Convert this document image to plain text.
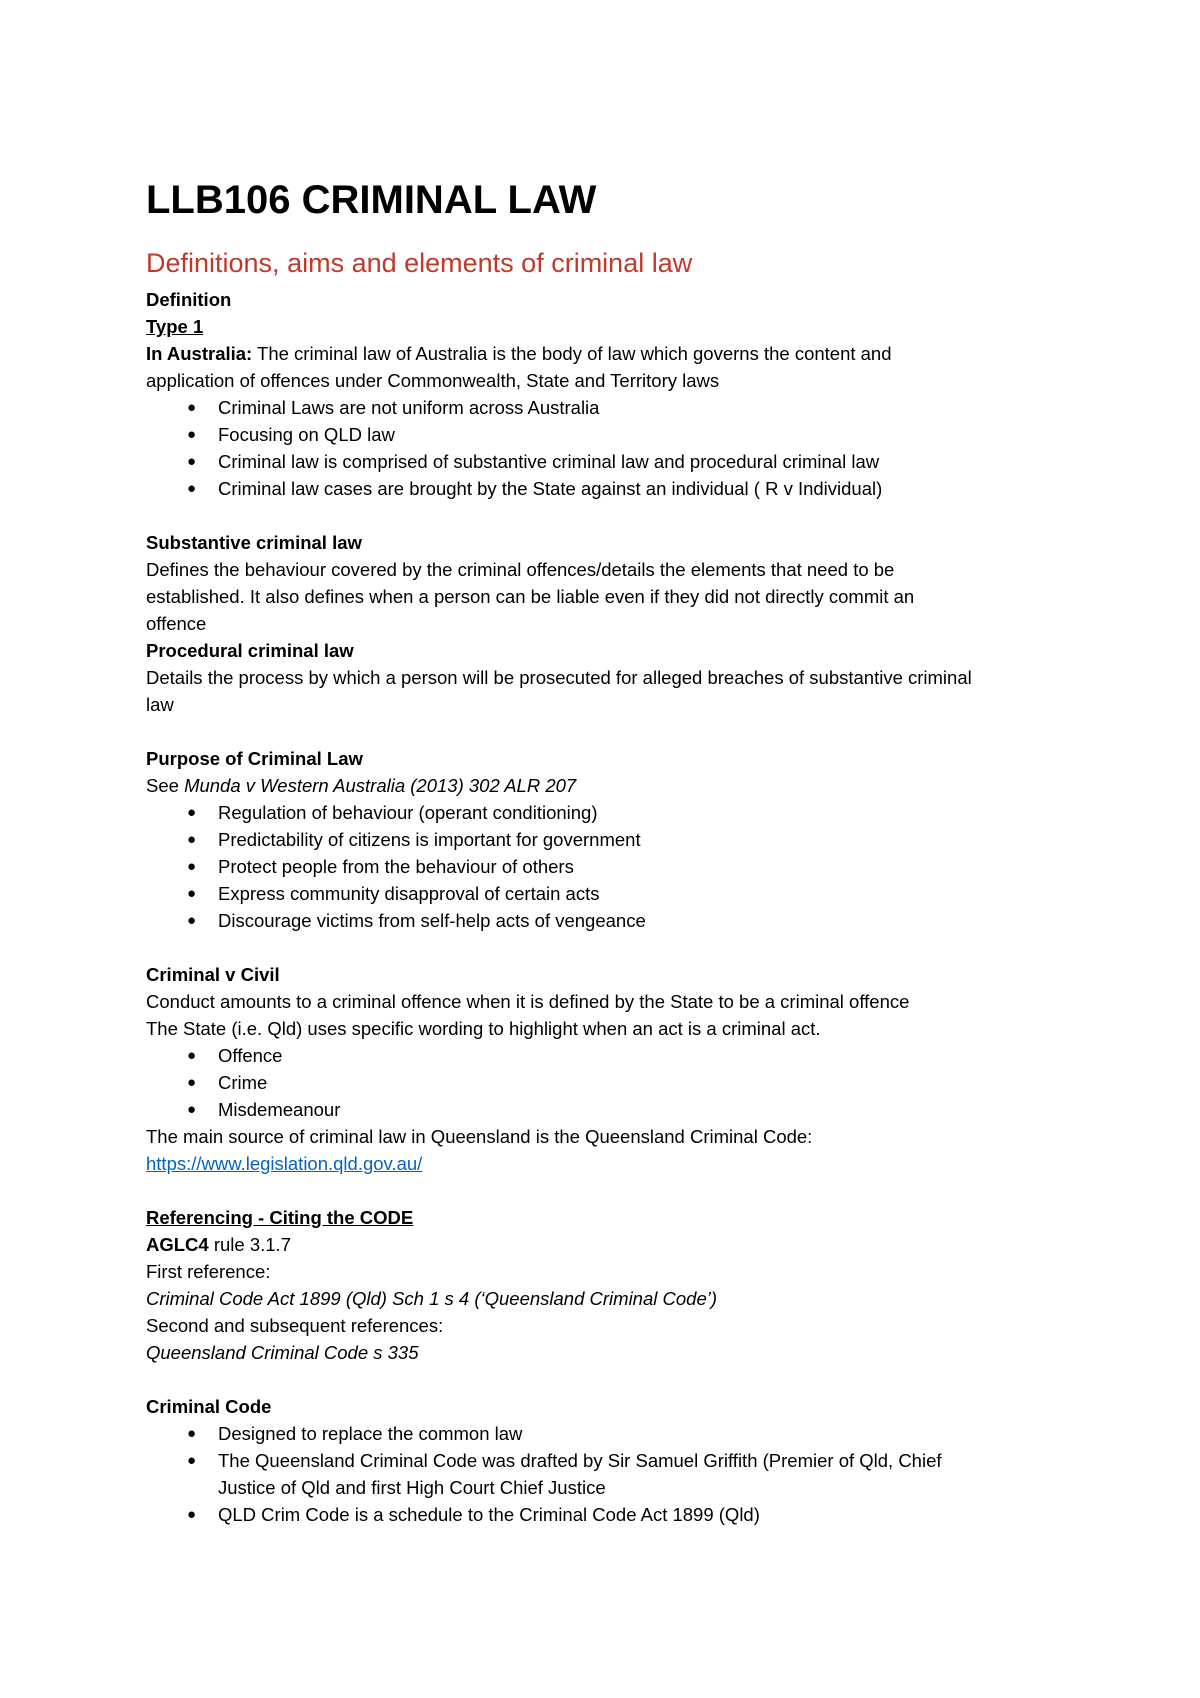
LLB106 CRIMINAL LAW
Definitions, aims and elements of criminal law

Definition

Type 1

In Australia: The criminal law of Australia is the body of law which governs the content and

application of offences under Commonwealth, State and Territory laws

● Criminal Laws are not uniform across Australia
● Focusing on QLD law
● Criminal law is comprised of substantive criminal law and procedural criminal law
● Criminal law cases are brought by the State against an individual ( R v Individual)

Substantive criminal law

Defines the behaviour covered by the criminal offences/details the elements that need to be

established. It also defines when a person can be liable even if they did not directly commit an

offence

Procedural criminal law

Details the process by which a person will be prosecuted for alleged breaches of substantive criminal

law

Purpose of Criminal Law

See Munda v Western Australia (2013) 302 ALR 207

● Regulation of behaviour (operant conditioning)
● Predictability of citizens is important for government
● Protect people from the behaviour of others
● Express community disapproval of certain acts
● Discourage victims from self-help acts of vengeance

Criminal v Civil

Conduct amounts to a criminal offence when it is defined by the State to be a criminal offence

The State (i.e. Qld) uses specific wording to highlight when an act is a criminal act.

● Offence
● Crime
● Misdemeanour

The main source of criminal law in Queensland is the Queensland Criminal Code:

https://www.legislation.qld.gov.au/

Referencing - Citing the CODE

AGLC4 rule 3.1.7

First reference:

Criminal Code Act 1899 (Qld) Sch 1 s 4 (‘Queensland Criminal Code’)

Second and subsequent references:

Queensland Criminal Code s 335

Criminal Code

● Designed to replace the common law
● The Queensland Criminal Code was drafted by Sir Samuel Griffith (Premier of Qld, Chief
Justice of Qld and first High Court Chief Justice
● QLD Crim Code is a schedule to the Criminal Code Act 1899 (Qld)
